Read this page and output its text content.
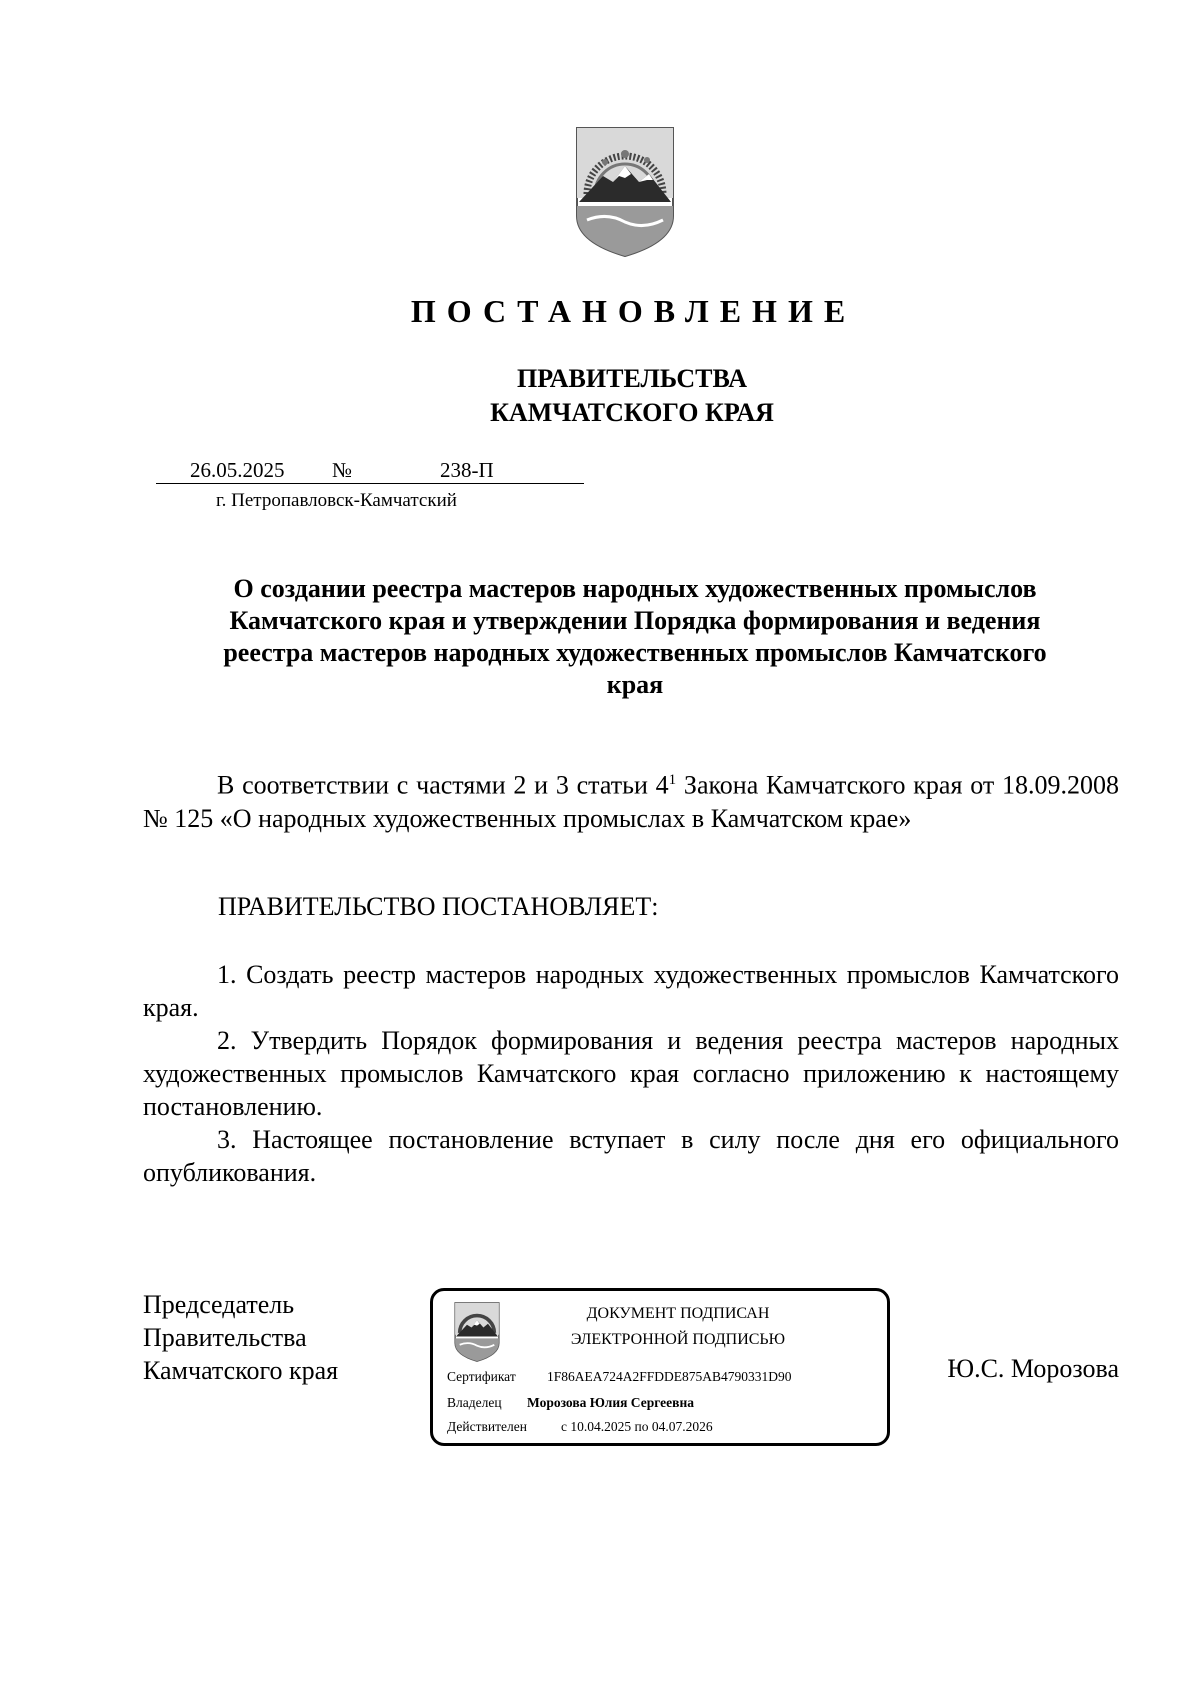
ПОСТАНОВЛЕНИЕ
ПРАВИТЕЛЬСТВА
КАМЧАТСКОГО КРАЯ
26.05.2025 №	238-П
г. Петропавловск-Камчатский
О создании реестра мастеров народных художественных промыслов
Камчатского края и утверждении Порядка формирования и ведения
реестра мастеров народных художественных промыслов Камчатского
края
В соответствии с частями 2 и 3 статьи $4^1$ Закона Камчатского края от 18.09.2008 № 125 «О народных художественных промыслах в Камчатском крае»
ПРАВИТЕЛЬСТВО ПОСТАНОВЛЯЕТ:
1. Создать реестр мастеров народных художественных промыслов Камчатского края.
2. Утвердить Порядок формирования и ведения реестра мастеров народных художественных промыслов Камчатского края согласно приложению к настоящему постановлению.
3. Настоящее постановление вступает в силу после дня его официального опубликования.
Председатель
Правительства
Камчатского края
ДОКУМЕНТ ПОДПИСАН
ЭЛЕКТРОННОЙ ПОДПИСЬЮ
Сертификат 1F86AEA724A2FFDDE875AB4790331D90
Владелец Морозова Юлия Сергеевна
Действителен	с 10.04.2025 по 04.07.2026
Ю.С. Морозова
